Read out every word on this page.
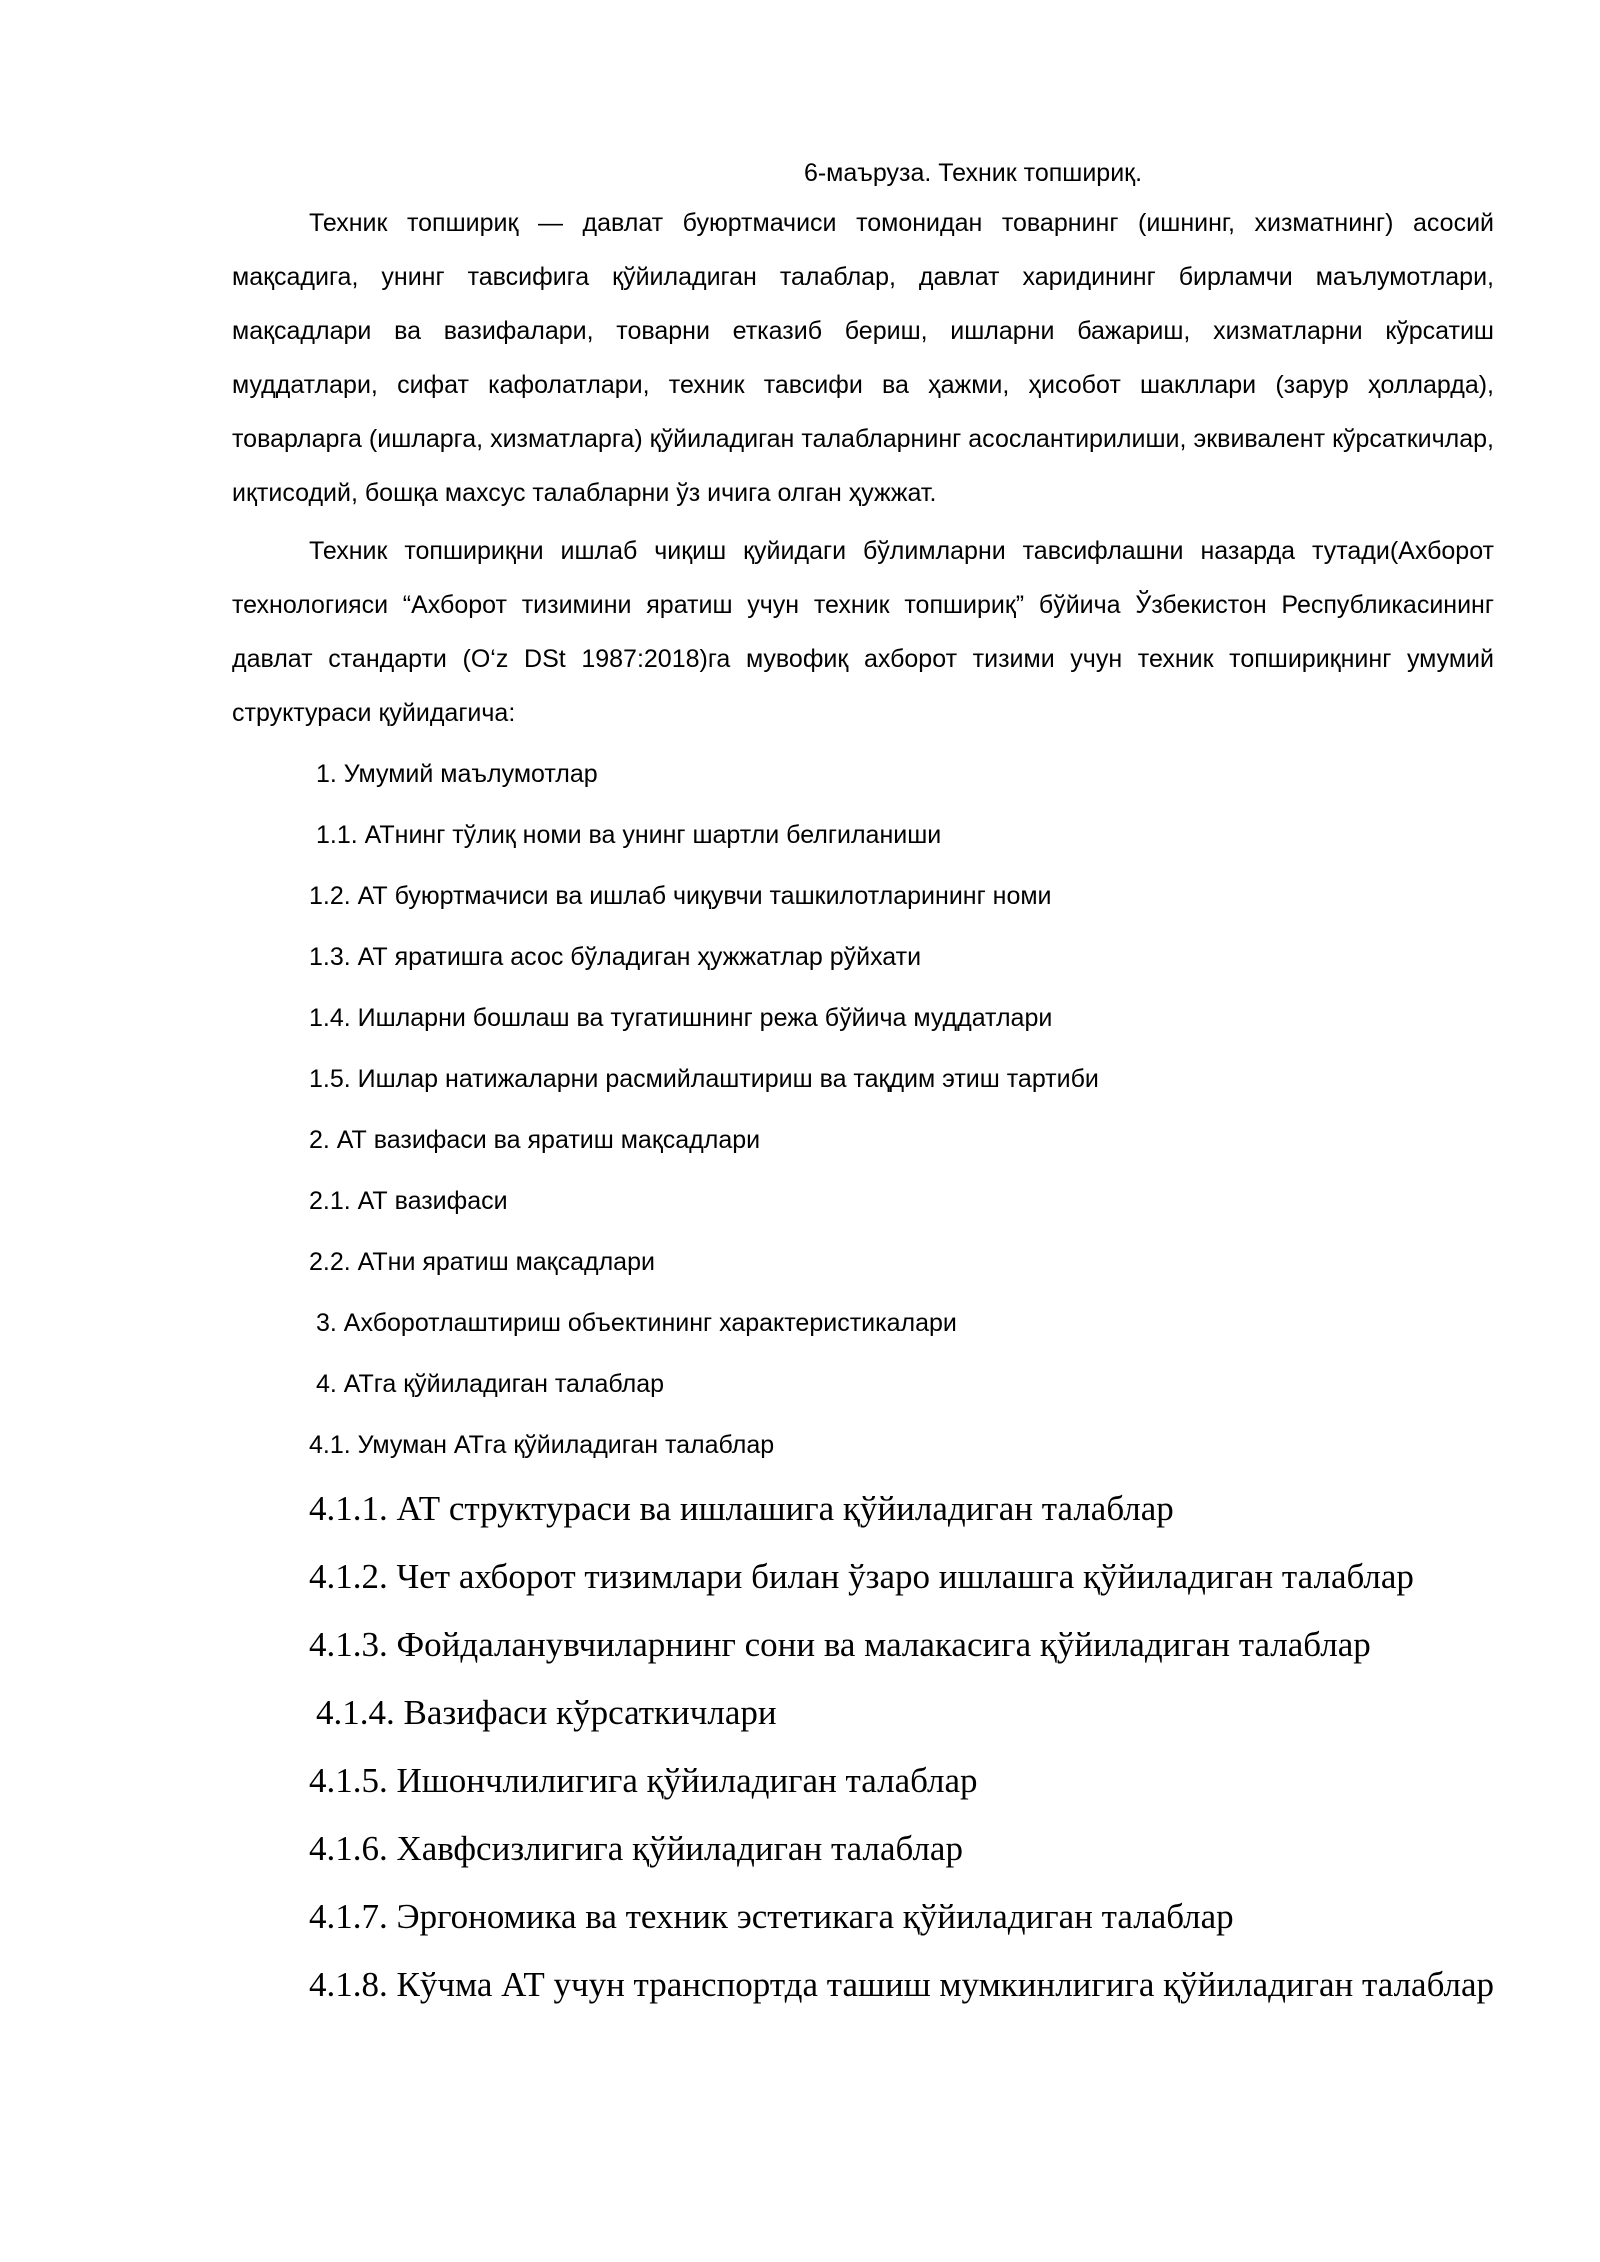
6-маъруза. Техник топшириқ.

Техник топшириқ — давлат буюртмачиси томонидан товарнинг (ишнинг, хизматнинг) асосий мақсадига, унинг тавсифига қўйиладиган талаблар, давлат харидининг бирламчи маълумотлари, мақсадлари ва вазифалари, товарни етказиб бериш, ишларни бажариш, хизматларни кўрсатиш муддатлари, сифат кафолатлари, техник тавсифи ва ҳажми, ҳисобот шакллари (зарур ҳолларда), товарларга (ишларга, хизматларга) қўйиладиган талабларнинг асослантирилиши, эквивалент кўрсаткичлар, иқтисодий, бошқа махсус талабларни ўз ичига олган ҳужжат.

Техник топшириқни ишлаб чиқиш қуйидаги бўлимларни тавсифлашни назарда тутади(Ахборот технологияси “Ахборот тизимини яратиш учун техник топшириқ” бўйича Ўзбекистон Республикасининг давлат стандарти (O‘z DSt 1987:2018)га мувофиқ ахборот тизими учун техник топшириқнинг умумий структураси қуйидагича:

1. Умумий маълумотлар
1.1. АТнинг тўлиқ номи ва унинг шартли белгиланиши
1.2. АТ буюртмачиси ва ишлаб чиқувчи ташкилотларининг номи
1.3. АТ яратишга асос бўладиган ҳужжатлар рўйхати
1.4. Ишларни бошлаш ва тугатишнинг режа бўйича муддатлари
1.5. Ишлар натижаларни расмийлаштириш ва тақдим этиш тартиби
2. АТ вазифаси ва яратиш мақсадлари
2.1. АТ вазифаси
2.2. АТни яратиш мақсадлари
3. Ахборотлаштириш объектининг характеристикалари
4. АТга қўйиладиган талаблар
4.1. Умуман АТга қўйиладиган талаблар
4.1.1. АТ структураси ва ишлашига қўйиладиган талаблар
4.1.2. Чет ахборот тизимлари билан ўзаро ишлашга қўйиладиган талаблар
4.1.3. Фойдаланувчиларнинг сони ва малакасига қўйиладиган талаблар
4.1.4. Вазифаси кўрсаткичлари
4.1.5. Ишончлилигига қўйиладиган талаблар
4.1.6. Хавфсизлигига қўйиладиган талаблар
4.1.7. Эргономика ва техник эстетикага қўйиладиган талаблар
4.1.8. Кўчма АТ учун транспортда ташиш мумкинлигига қўйиладиган талаблар
